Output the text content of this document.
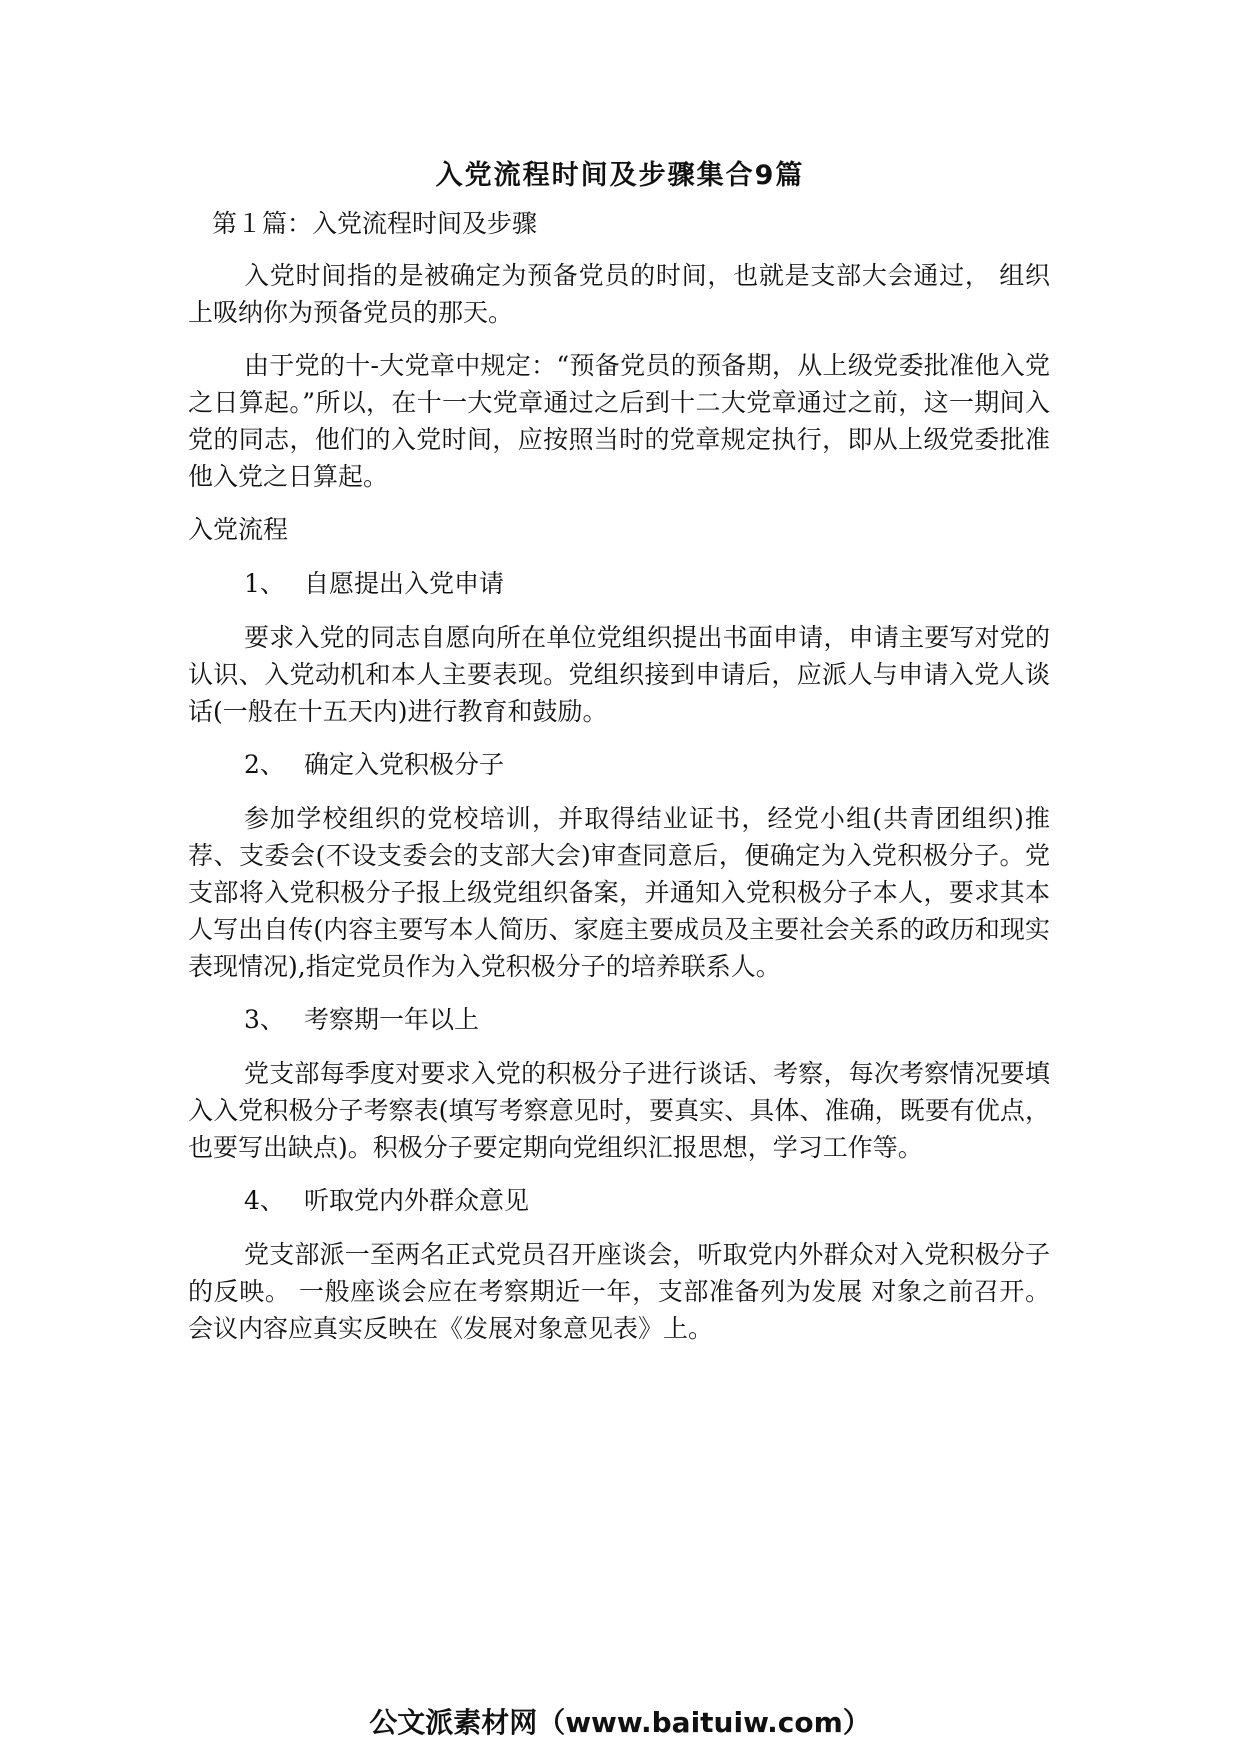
入党流程时间及步骤集合9篇

第１篇：入党流程时间及步骤

入党时间指的是被确定为预备党员的时间，也就是支部大会通过， 组织上吸纳你为预备党员的那天。

由于党的十-大党章中规定：“预备党员的预备期，从上级党委批准他入党之日算起。”所以，在十一大党章通过之后到十二大党章通过之前，这一期间入党的同志，他们的入党时间，应按照当时的党章规定执行，即从上级党委批准他入党之日算起。

入党流程

1、 自愿提出入党申请

要求入党的同志自愿向所在单位党组织提出书面申请，申请主要写对党的认识、入党动机和本人主要表现。党组织接到申请后，应派人与申请入党人谈话(一般在十五天内)进行教育和鼓励。

2、 确定入党积极分子

参加学校组织的党校培训，并取得结业证书，经党小组(共青团组织)推荐、支委会(不设支委会的支部大会)审查同意后，便确定为入党积极分子。党支部将入党积极分子报上级党组织备案，并通知入党积极分子本人，要求其本人写出自传(内容主要写本人简历、家庭主要成员及主要社会关系的政历和现实表现情况),指定党员作为入党积极分子的培养联系人。

3、 考察期一年以上

党支部每季度对要求入党的积极分子进行谈话、考察，每次考察情况要填入入党积极分子考察表(填写考察意见时，要真实、具体、准确，既要有优点，也要写出缺点)。积极分子要定期向党组织汇报思想，学习工作等。

4、 听取党内外群众意见

党支部派一至两名正式党员召开座谈会，听取党内外群众对入党积极分子的反映。 一般座谈会应在考察期近一年，支部准备列为发展 对象之前召开。会议内容应真实反映在《发展对象意见表》上。

公文派素材网（www.baituiw.com）
